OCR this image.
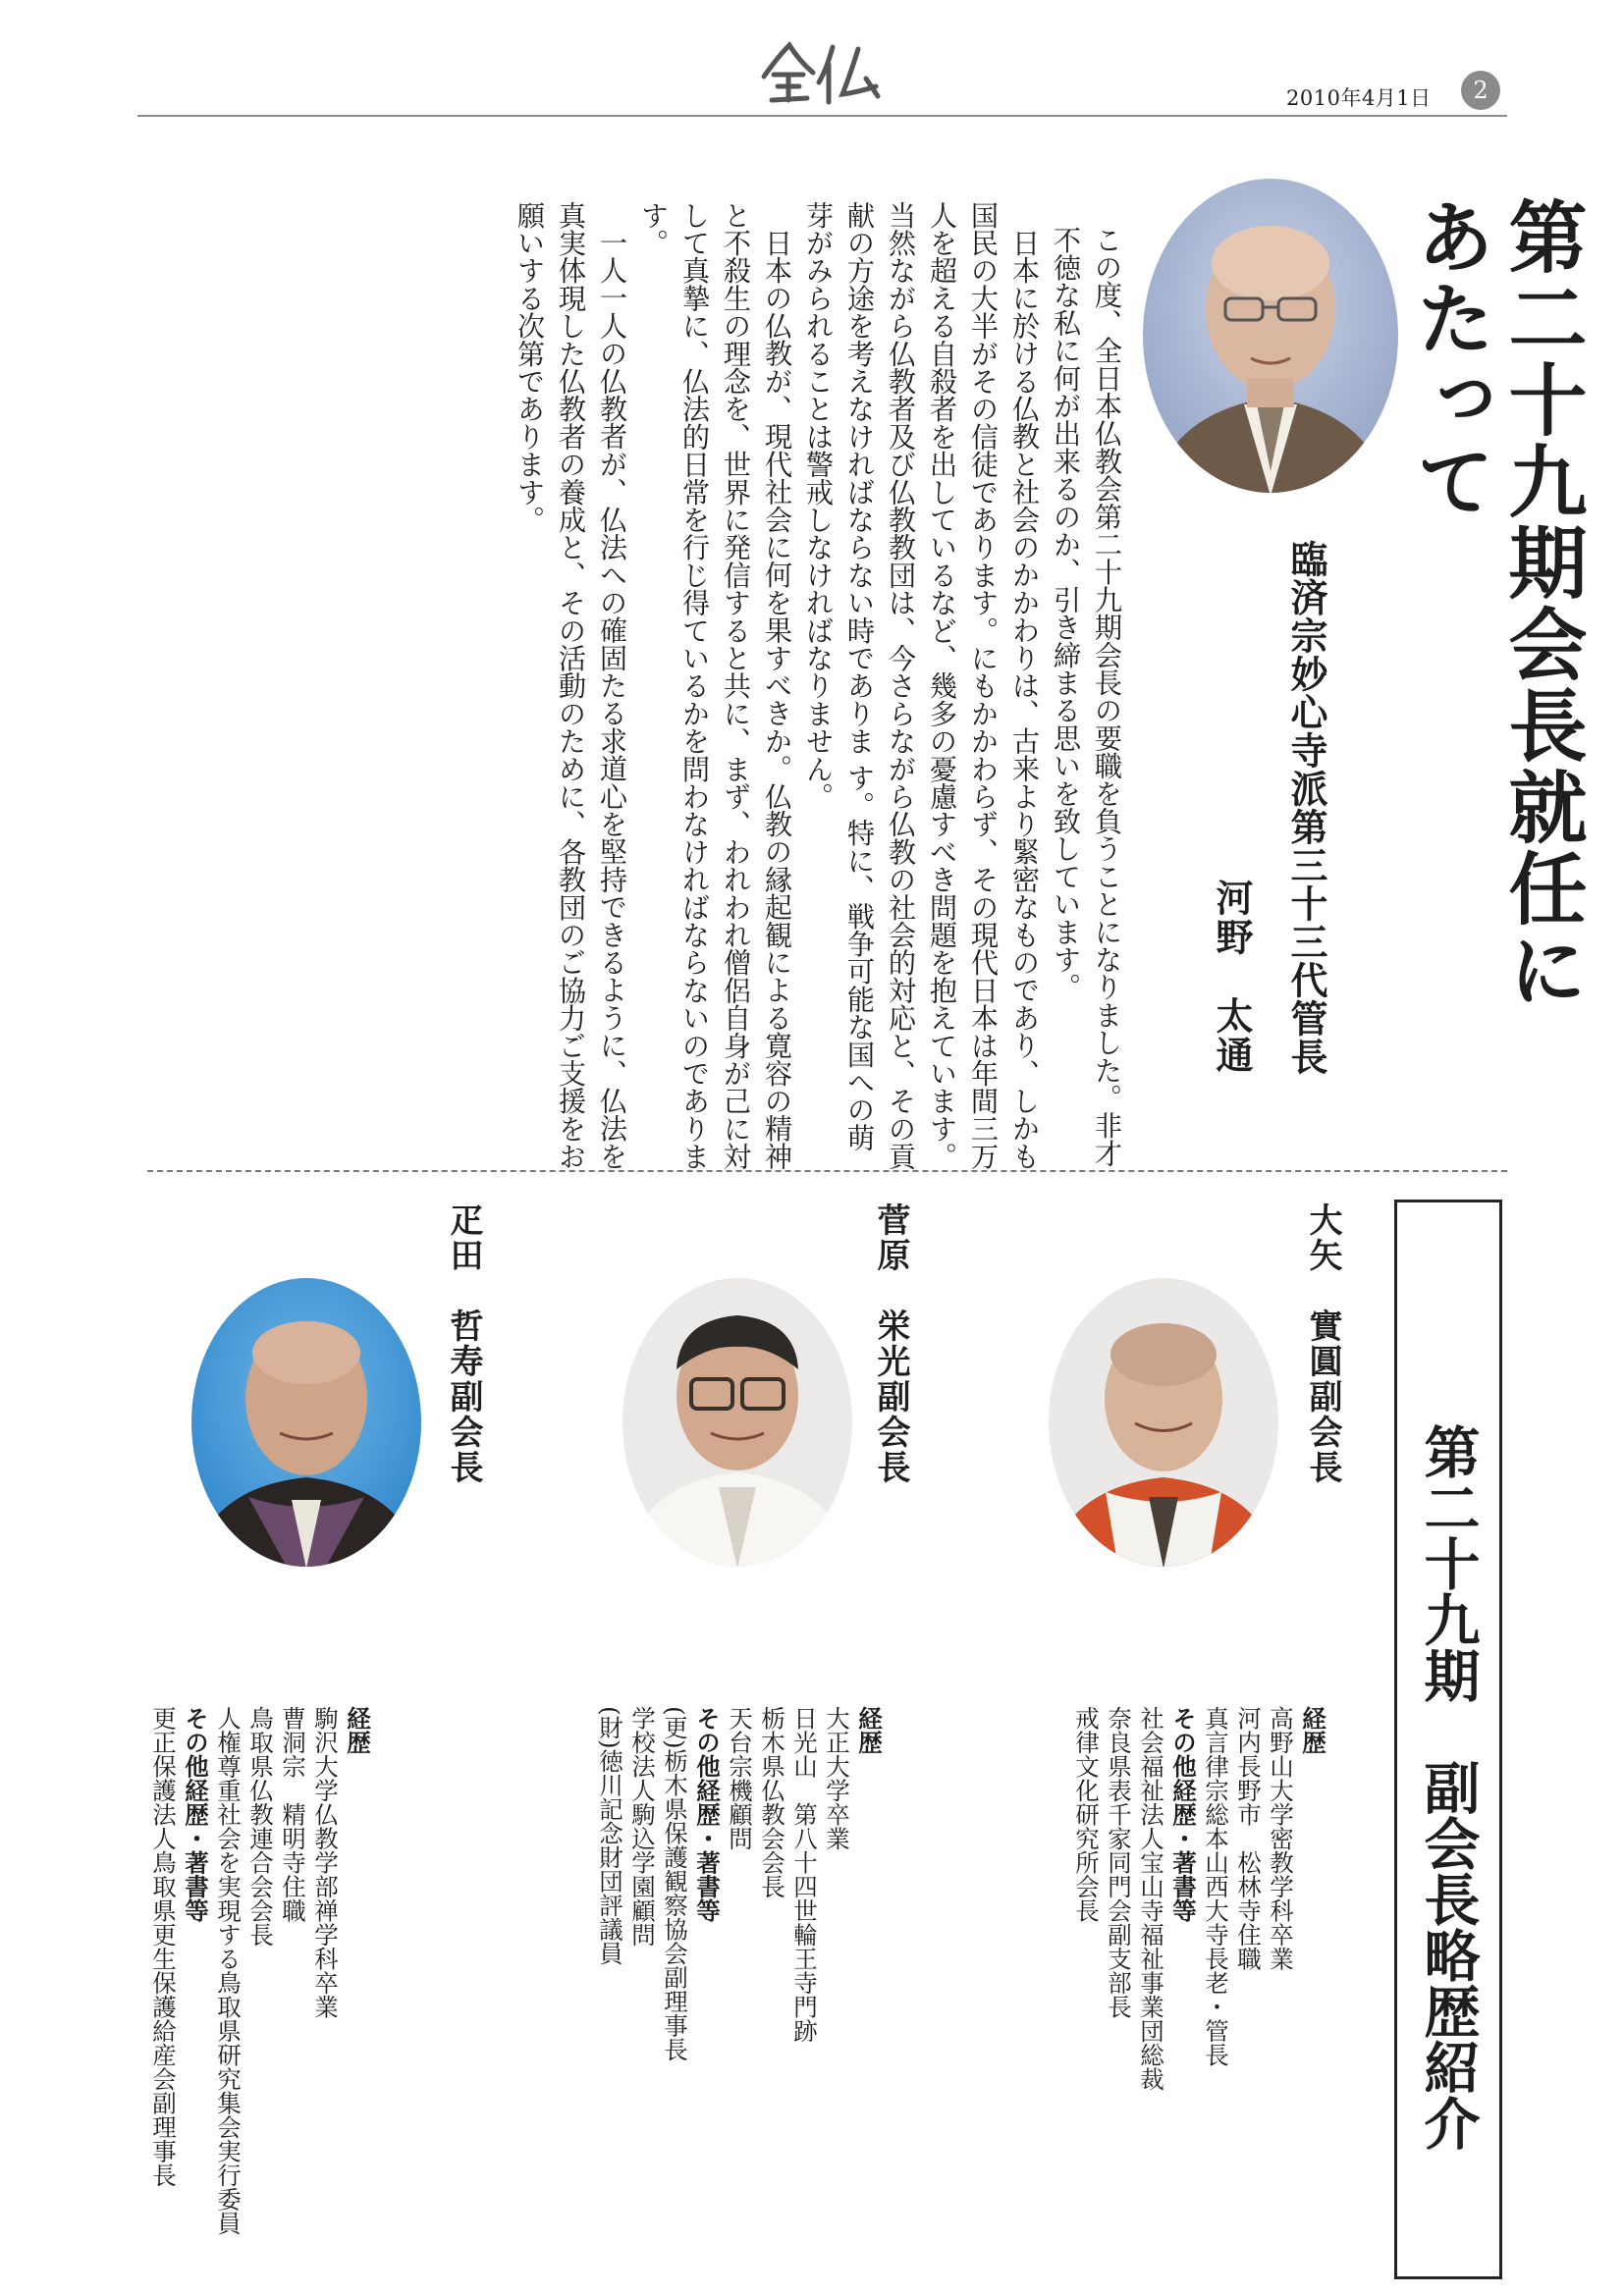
2010年4月1日	2
第二十九期会長就任にあたって
臨済宗妙心寺派第三十三代管長
河野　太通

この度、全日本仏教会第二十九期会長の要職を負うことになりました。非才不徳な私に何が出来るのか、引き締まる思いを致しています。

日本に於ける仏教と社会のかかわりは、古来より緊密なものであり、しかも国民の大半がその信徒であります。にもかかわらず、その現代日本は年間三万人を超える自殺者を出しているなど、幾多の憂慮すべき問題を抱えています。当然ながら仏教者及び仏教教団は、今さらながら仏教の社会的対応と、その貢献の方途を考えなければならない時でありま す。特に、戦争可能な国への萌芽がみられることは警戒しなければなりません。

日本の仏教が、現代社会に何を果すべきか。仏教の縁起観による寛容の精神と不殺生の理念を、世界に発信すると共に、まず、われわれ僧侶自身が己に対して真摯に、仏法的日常を行じ得ているかを問わなければならないのであります。

一人一人の仏教者が、仏法への確固たる求道心を堅持できるように、仏法を真実体現した仏教者の養成と、その活動のために、各教団のご協力ご支援をお願いする次第であります。

第二十九期　副会長略歴紹介
大矢　實圓副会長
経歴
高野山大学密教学科卒業
河内長野市　松林寺住職
真言律宗総本山西大寺長老・管長
その他経歴・著書等
社会福祉法人宝山寺福祉事業団総裁
奈良県表千家同門会副支部長
戒律文化研究所会長
菅原　栄光副会長
経歴
大正大学卒業
日光山　第八十四世輪王寺門跡
栃木県仏教会会長
天台宗機顧問
その他経歴・著書等
(更)栃木県保護観察協会副理事長
学校法人駒込学園顧問
(財)徳川記念財団評議員
疋田　哲寿副会長
経歴
駒沢大学仏教学部禅学科卒業
曹洞宗　精明寺住職
鳥取県仏教連合会会長
人権尊重社会を実現する鳥取県研究集会実行委員
その他経歴・著書等
更正保護法人鳥取県更生保護給産会副理事長
